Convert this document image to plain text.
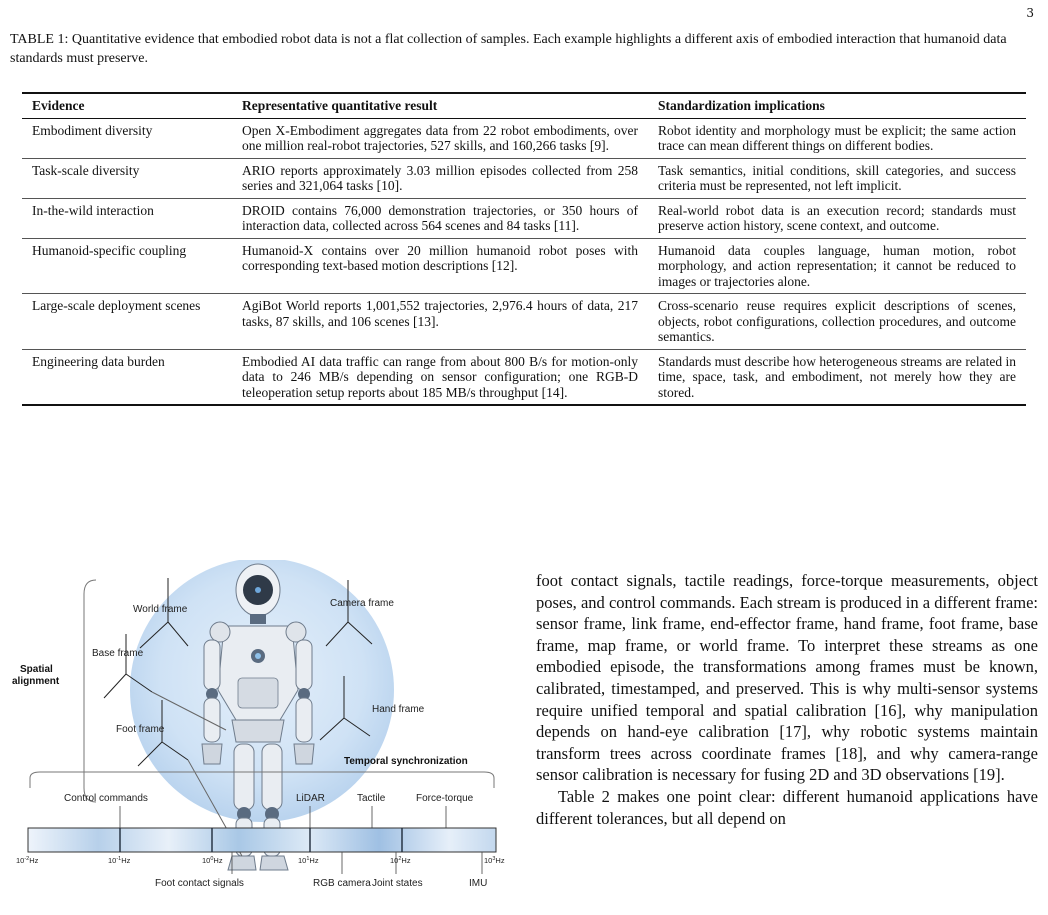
3
TABLE 1: Quantitative evidence that embodied robot data is not a flat collection of samples. Each example highlights a different axis of embodied interaction that humanoid data standards must preserve.
Evidence	Representative quantitative result	Standardization implications
Embodiment diversity	Open X-Embodiment aggregates data from 22 robot embodiments, over one million real-robot trajectories, 527 skills, and 160,266 tasks [9].	Robot identity and morphology must be explicit; the same action trace can mean different things on different bodies.
Task-scale diversity	ARIO reports approximately 3.03 million episodes collected from 258 series and 321,064 tasks [10].	Task semantics, initial conditions, skill categories, and success criteria must be represented, not left implicit.
In-the-wild interaction	DROID contains 76,000 demonstration trajectories, or 350 hours of interaction data, collected across 564 scenes and 84 tasks [11].	Real-world robot data is an execution record; standards must preserve action history, scene context, and outcome.
Humanoid-specific coupling	Humanoid-X contains over 20 million humanoid robot poses with corresponding text-based motion descriptions [12].	Humanoid data couples language, human motion, robot morphology, and action representation; it cannot be reduced to images or trajectories alone.
Large-scale deployment scenes	AgiBot World reports 1,001,552 trajectories, 2,976.4 hours of data, 217 tasks, 87 skills, and 106 scenes [13].	Cross-scenario reuse requires explicit descriptions of scenes, objects, robot configurations, collection procedures, and outcome semantics.
Engineering data burden	Embodied AI data traffic can range from about 800 B/s for motion-only data to 246 MB/s depending on sensor configuration; one RGB-D teleoperation setup reports about 185 MB/s throughput [14].	Standards must describe how heterogeneous streams are related in time, space, task, and embodiment, not merely how they are stored.
Spatial alignment
World frame
Camera frame
Base frame
Hand frame
Foot frame
Temporal synchronization
Control commands	LiDAR	Tactile	Force-torque
$10^{-2}Hz$	$10^{-1}Hz$	$10^0Hz$	$10^1Hz$	$10^2Hz$	$10^3Hz$
Foot contact signals	RGB camera Joint states	IMU

foot contact signals, tactile readings, force-torque measurements, object poses, and control commands. Each stream is produced in a different frame: sensor frame, link frame, end-effector frame, hand frame, foot frame, base frame, map frame, or world frame. To interpret these streams as one embodied episode, the transformations among frames must be known, calibrated, timestamped, and preserved. This is why multi-sensor systems require unified temporal and spatial calibration [16], why manipulation depends on hand-eye calibration [17], why robotic systems maintain transform trees across coordinate frames [18], and why camera-range sensor calibration is necessary for fusing 2D and 3D observations [19].

Table 2 makes one point clear: different humanoid applications have different tolerances, but all depend on
